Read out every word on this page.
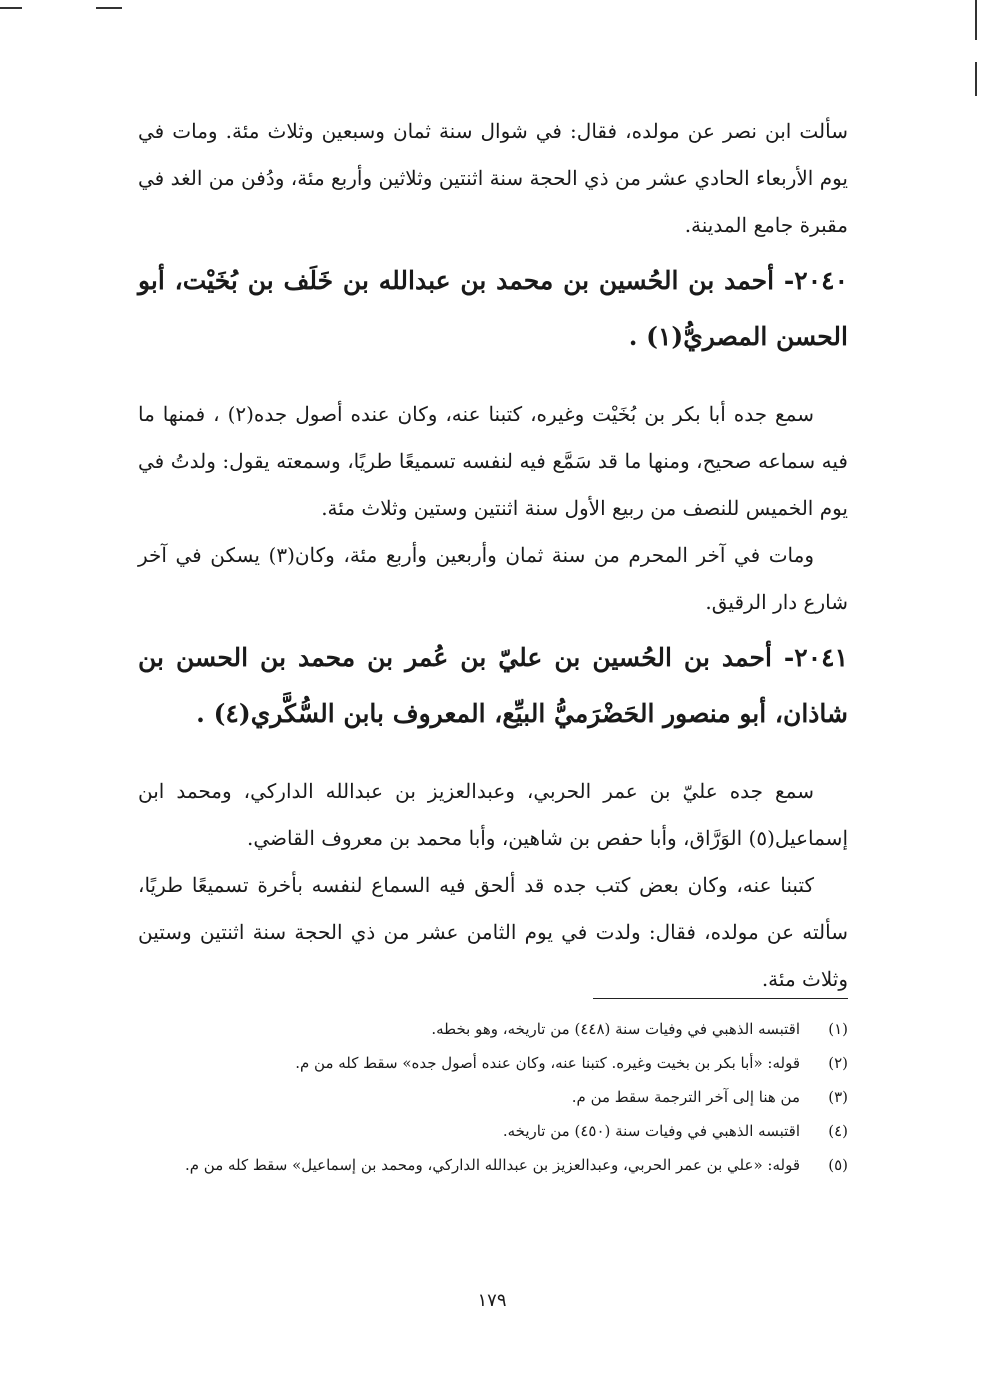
سألت ابن نصر عن مولده، فقال: في شوال سنة ثمان وسبعين وثلاث مئة. ومات في يوم الأربعاء الحادي عشر من ذي الحجة سنة اثنتين وثلاثين وأربع مئة، ودُفن من الغد في مقبرة جامع المدينة.

٢٠٤٠- أحمد بن الحُسين بن محمد بن عبدالله بن خَلَف بن بُخَيْت، أبو الحسن المصريُّ(١) .

سمع جده أبا بكر بن بُخَيْت وغيره، كتبنا عنه، وكان عنده أصول جده(٢) ، فمنها ما فيه سماعه صحيح، ومنها ما قد سَمَّع فيه لنفسه تسميعًا طريًا، وسمعته يقول: ولدتُ في يوم الخميس للنصف من ربيع الأول سنة اثنتين وستين وثلاث مئة.

ومات في آخر المحرم من سنة ثمان وأربعين وأربع مئة، وكان(٣) يسكن في آخر شارع دار الرقيق.

٢٠٤١- أحمد بن الحُسين بن عليّ بن عُمر بن محمد بن الحسن بن شاذان، أبو منصور الحَضْرَميُّ البيِّع، المعروف بابن السُّكَّري(٤) .

سمع جده عليّ بن عمر الحربي، وعبدالعزيز بن عبدالله الداركي، ومحمد ابن إسماعيل(٥) الوَرَّاق، وأبا حفص بن شاهين، وأبا محمد بن معروف القاضي.

كتبنا عنه، وكان بعض كتب جده قد ألحق فيه السماع لنفسه بأخرة تسميعًا طريًا، سألته عن مولده، فقال: ولدت في يوم الثامن عشر من ذي الحجة سنة اثنتين وستين وثلاث مئة.

(١)
اقتبسه الذهبي في وفيات سنة (٤٤٨) من تاريخه، وهو بخطه.
(٢)
قوله: «أبا بكر بن بخيت وغيره. كتبنا عنه، وكان عنده أصول جده» سقط كله من م.
(٣)
من هنا إلى آخر الترجمة سقط من م.
(٤)
اقتبسه الذهبي في وفيات سنة (٤٥٠) من تاريخه.
(٥)
قوله: «علي بن عمر الحربي، وعبدالعزيز بن عبدالله الداركي، ومحمد بن إسماعيل» سقط كله من م.
١٧٩
